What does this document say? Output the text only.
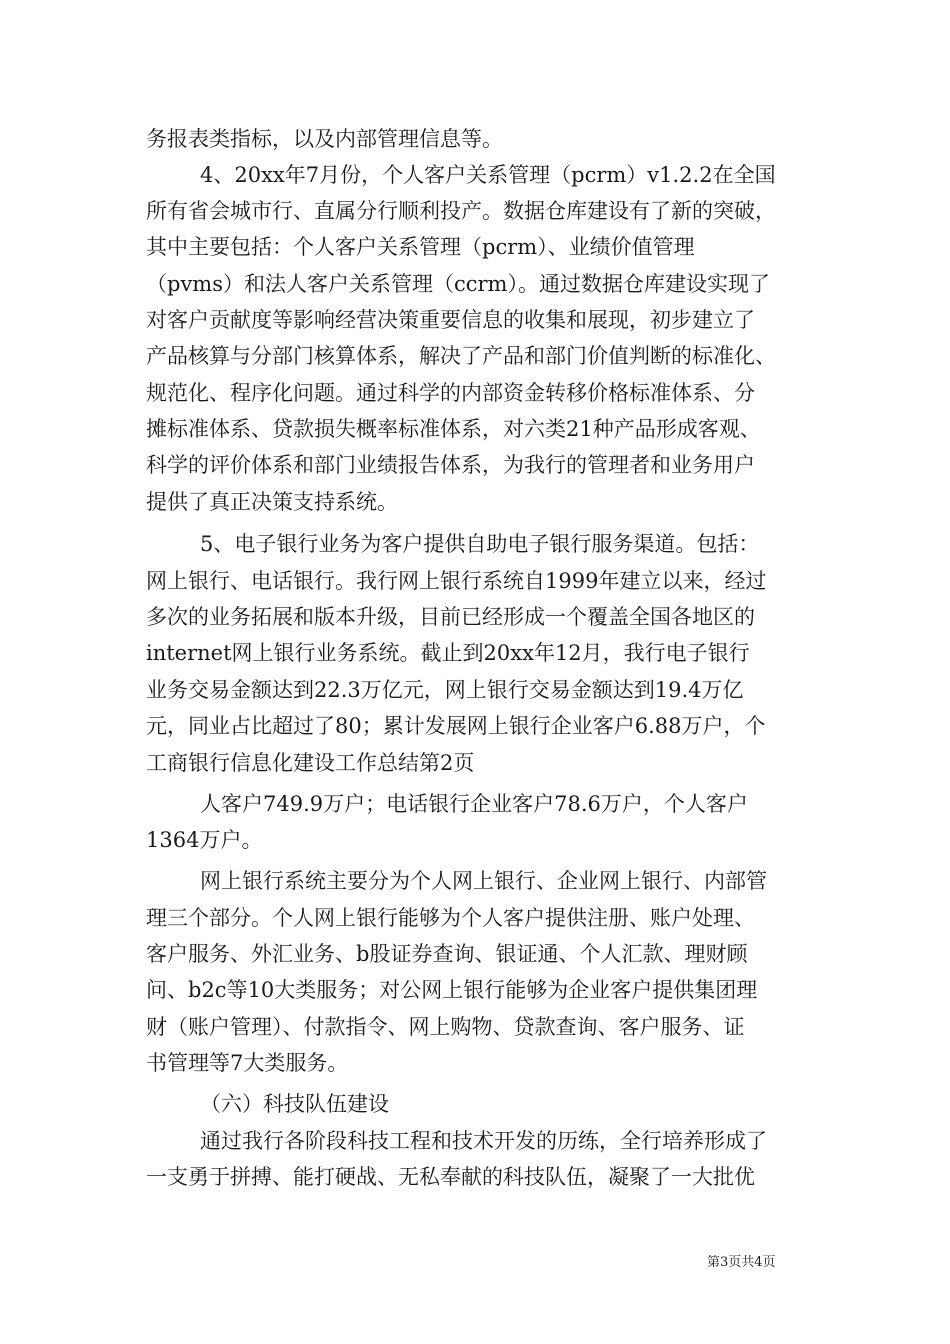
务报表类指标，以及内部管理信息等。
4、20xx年7月份，个人客户关系管理（pcrm）v1.2.2在全国
所有省会城市行、直属分行顺利投产。数据仓库建设有了新的突破，
其中主要包括：个人客户关系管理（pcrm）、业绩价值管理
（pvms）和法人客户关系管理（ccrm）。通过数据仓库建设实现了
对客户贡献度等影响经营决策重要信息的收集和展现，初步建立了
产品核算与分部门核算体系，解决了产品和部门价值判断的标准化、
规范化、程序化问题。通过科学的内部资金转移价格标准体系、分
摊标准体系、贷款损失概率标准体系，对六类21种产品形成客观、
科学的评价体系和部门业绩报告体系，为我行的管理者和业务用户
提供了真正决策支持系统。
5、电子银行业务为客户提供自助电子银行服务渠道。包括：
网上银行、电话银行。我行网上银行系统自1999年建立以来，经过
多次的业务拓展和版本升级，目前已经形成一个覆盖全国各地区的
internet网上银行业务系统。截止到20xx年12月，我行电子银行
业务交易金额达到22.3万亿元，网上银行交易金额达到19.4万亿
元，同业占比超过了80；累计发展网上银行企业客户6.88万户，个
工商银行信息化建设工作总结第2页
人客户749.9万户；电话银行企业客户78.6万户，个人客户
1364万户。
网上银行系统主要分为个人网上银行、企业网上银行、内部管
理三个部分。个人网上银行能够为个人客户提供注册、账户处理、
客户服务、外汇业务、b股证券查询、银证通、个人汇款、理财顾
问、b2c等10大类服务；对公网上银行能够为企业客户提供集团理
财（账户管理）、付款指令、网上购物、贷款查询、客户服务、证
书管理等7大类服务。
（六）科技队伍建设
通过我行各阶段科技工程和技术开发的历练，全行培养形成了
一支勇于拼搏、能打硬战、无私奉献的科技队伍，凝聚了一大批优
第3页共4页
